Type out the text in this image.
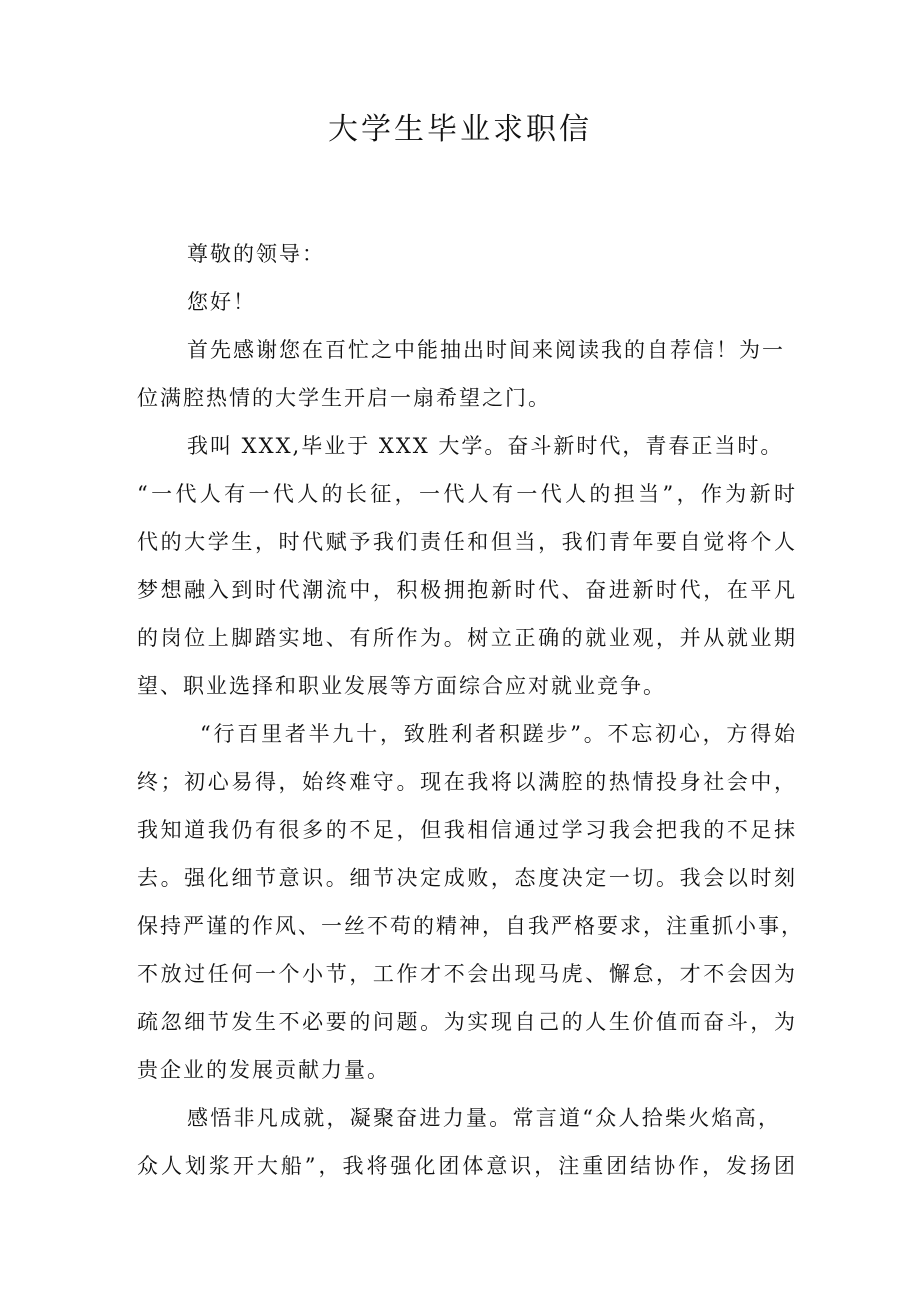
大学生毕业求职信

尊敬的领导：

您好！

首先感谢您在百忙之中能抽出时间来阅读我的自荐信！为一

位满腔热情的大学生开启一扇希望之门。

我叫 XXX,毕业于 XXX 大学。奋斗新时代，青春正当时。

“一代人有一代人的长征，一代人有一代人的担当”，作为新时

代的大学生，时代赋予我们责任和但当，我们青年要自觉将个人

梦想融入到时代潮流中，积极拥抱新时代、奋进新时代，在平凡

的岗位上脚踏实地、有所作为。树立正确的就业观，并从就业期

望、职业选择和职业发展等方面综合应对就业竞争。

“行百里者半九十，致胜利者积蹉步”。不忘初心，方得始

终；初心易得，始终难守。现在我将以满腔的热情投身社会中，

我知道我仍有很多的不足，但我相信通过学习我会把我的不足抹

去。强化细节意识。细节决定成败，态度决定一切。我会以时刻

保持严谨的作风、一丝不苟的精神，自我严格要求，注重抓小事，

不放过任何一个小节，工作才不会出现马虎、懈怠，才不会因为

疏忽细节发生不必要的问题。为实现自己的人生价值而奋斗，为

贵企业的发展贡献力量。

感悟非凡成就，凝聚奋进力量。常言道“众人拾柴火焰高，

众人划浆开大船”，我将强化团体意识，注重团结协作，发扬团
